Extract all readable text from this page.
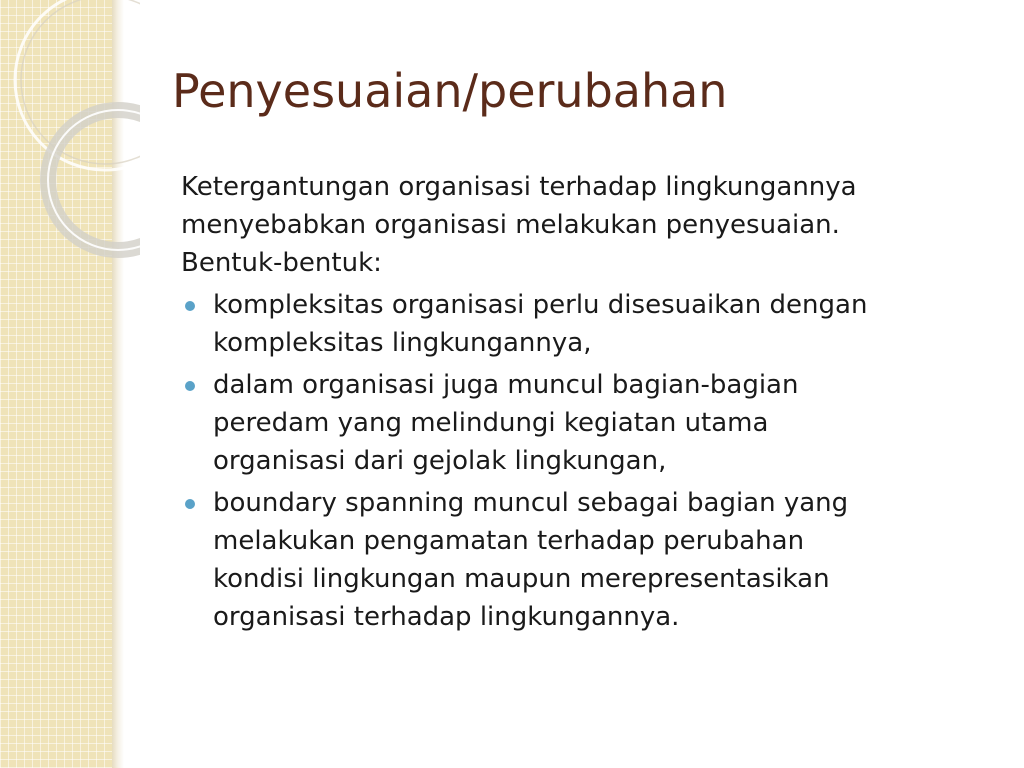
Penyesuaian/perubahan
Ketergantungan organisasi terhadap lingkungannya
menyebabkan organisasi melakukan penyesuaian.
Bentuk-bentuk:
kompleksitas organisasi perlu disesuaikan dengan
kompleksitas lingkungannya,
dalam organisasi juga muncul bagian-bagian
peredam yang melindungi kegiatan utama
organisasi dari gejolak lingkungan,
boundary spanning muncul sebagai bagian yang
melakukan pengamatan terhadap perubahan
kondisi lingkungan maupun merepresentasikan
organisasi terhadap lingkungannya.
